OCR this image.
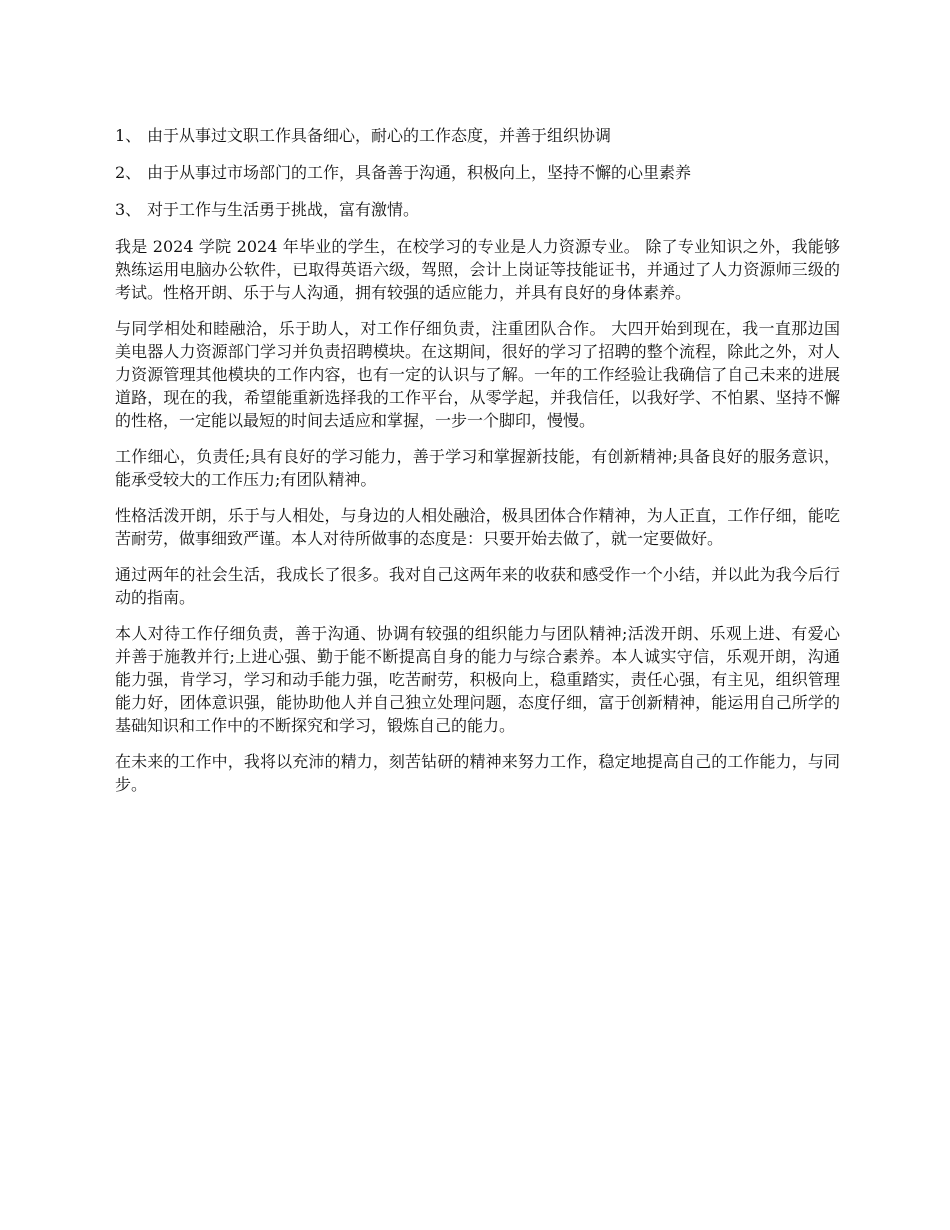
1、 由于从事过文职工作具备细心，耐心的工作态度，并善于组织协调
2、 由于从事过市场部门的工作，具备善于沟通，积极向上，坚持不懈的心里素养
3、 对于工作与生活勇于挑战，富有激情。

我是 2024 学院 2024 年毕业的学生，在校学习的专业是人力资源专业。 除了专业知识之外，我能够熟练运用电脑办公软件，已取得英语六级，驾照，会计上岗证等技能证书，并通过了人力资源师三级的考试。性格开朗、乐于与人沟通，拥有较强的适应能力，并具有良好的身体素养。

与同学相处和睦融洽，乐于助人，对工作仔细负责，注重团队合作。 大四开始到现在，我一直那边国美电器人力资源部门学习并负责招聘模块。在这期间，很好的学习了招聘的整个流程，除此之外，对人力资源管理其他模块的工作内容，也有一定的认识与了解。一年的工作经验让我确信了自己未来的进展道路，现在的我，希望能重新选择我的工作平台，从零学起，并我信任，以我好学、不怕累、坚持不懈的性格，一定能以最短的时间去适应和掌握，一步一个脚印，慢慢。

工作细心，负责任;具有良好的学习能力，善于学习和掌握新技能，有创新精神;具备良好的服务意识，能承受较大的工作压力;有团队精神。

性格活泼开朗，乐于与人相处，与身边的人相处融洽，极具团体合作精神，为人正直，工作仔细，能吃苦耐劳，做事细致严谨。本人对待所做事的态度是：只要开始去做了，就一定要做好。

通过两年的社会生活，我成长了很多。我对自己这两年来的收获和感受作一个小结，并以此为我今后行动的指南。

本人对待工作仔细负责，善于沟通、协调有较强的组织能力与团队精神;活泼开朗、乐观上进、有爱心并善于施教并行;上进心强、勤于能不断提高自身的能力与综合素养。本人诚实守信，乐观开朗，沟通能力强，肯学习，学习和动手能力强，吃苦耐劳，积极向上，稳重踏实，责任心强，有主见，组织管理能力好，团体意识强，能协助他人并自己独立处理问题，态度仔细，富于创新精神，能运用自己所学的基础知识和工作中的不断探究和学习，锻炼自己的能力。

在未来的工作中，我将以充沛的精力，刻苦钻研的精神来努力工作，稳定地提高自己的工作能力，与同步。
